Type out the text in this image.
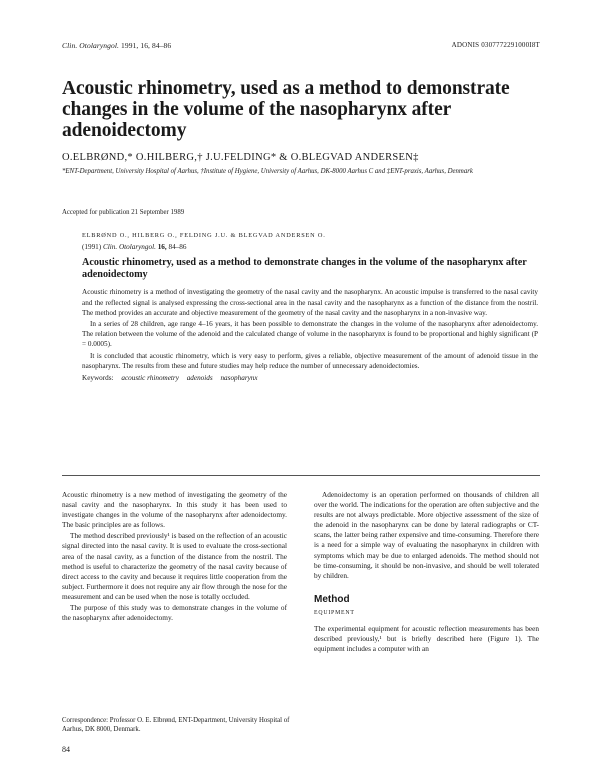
Clin. Otolaryngol. 1991, 16, 84–86	ADONIS 0307772291000I8T
Acoustic rhinometry, used as a method to demonstrate changes in the volume of the nasopharynx after adenoidectomy
O.ELBRØND,* O.HILBERG,† J.U.FELDING* & O.BLEGVAD ANDERSEN‡
*ENT-Department, University Hospital of Aarhus, †Institute of Hygiene, University of Aarhus, DK-8000 Aarhus C and ‡ENT-praxis, Aarhus, Denmark
Accepted for publication 21 September 1989
ELBRØND O., HILBERG O., FELDING J.U. & BLEGVAD ANDERSEN O.
(1991) Clin. Otolaryngol. 16, 84–86
Acoustic rhinometry, used as a method to demonstrate changes in the volume of the nasopharynx after adenoidectomy

Acoustic rhinometry is a method of investigating the geometry of the nasal cavity and the nasopharynx. An acoustic impulse is transferred to the nasal cavity and the reflected signal is analysed expressing the cross-sectional area in the nasal cavity and the nasopharynx as a function of the distance from the nostril. The method provides an accurate and objective measurement of the geometry of the nasal cavity and the nasopharynx in a non-invasive way.

In a series of 28 children, age range 4–16 years, it has been possible to demonstrate the changes in the volume of the nasopharynx after adenoidectomy. The relation between the volume of the adenoid and the calculated change of volume in the nasopharynx is found to be proportional and highly significant (P = 0.0005).

It is concluded that acoustic rhinometry, which is very easy to perform, gives a reliable, objective measurement of the amount of adenoid tissue in the nasopharynx. The results from these and future studies may help reduce the number of unnecessary adenoidectomies.

Keywords: acoustic rhinometry adenoids nasopharynx

Acoustic rhinometry is a new method of investigating the geometry of the nasal cavity and the nasopharynx. In this study it has been used to investigate changes in the volume of the nasopharynx after adenoidectomy. The basic principles are as follows.

The method described previously¹ is based on the reflection of an acoustic signal directed into the nasal cavity. It is used to evaluate the cross-sectional area of the nasal cavity, as a function of the distance from the nostril. The method is useful to characterize the geometry of the nasal cavity because of direct access to the cavity and because it requires little cooperation from the subject. Furthermore it does not require any air flow through the nose for the measurement and can be used when the nose is totally occluded.

The purpose of this study was to demonstrate changes in the volume of the nasopharynx after adenoidectomy.

Adenoidectomy is an operation performed on thousands of children all over the world. The indications for the operation are often subjective and the results are not always predictable. More objective assessment of the size of the adenoid in the nasopharynx can be done by lateral radiographs or CT-scans, the latter being rather expensive and time-consuming. Therefore there is a need for a simple way of evaluating the nasopharynx in children with symptoms which may be due to enlarged adenoids. The method should not be time-consuming, it should be non-invasive, and should be well tolerated by children.

Method
EQUIPMENT

The experimental equipment for acoustic reflection measurements has been described previously,¹ but is briefly described here (Figure 1). The equipment includes a computer with an

Correspondence: Professor O. E. Elbrønd, ENT-Department, University Hospital of Aarhus, DK 8000, Denmark.
84
